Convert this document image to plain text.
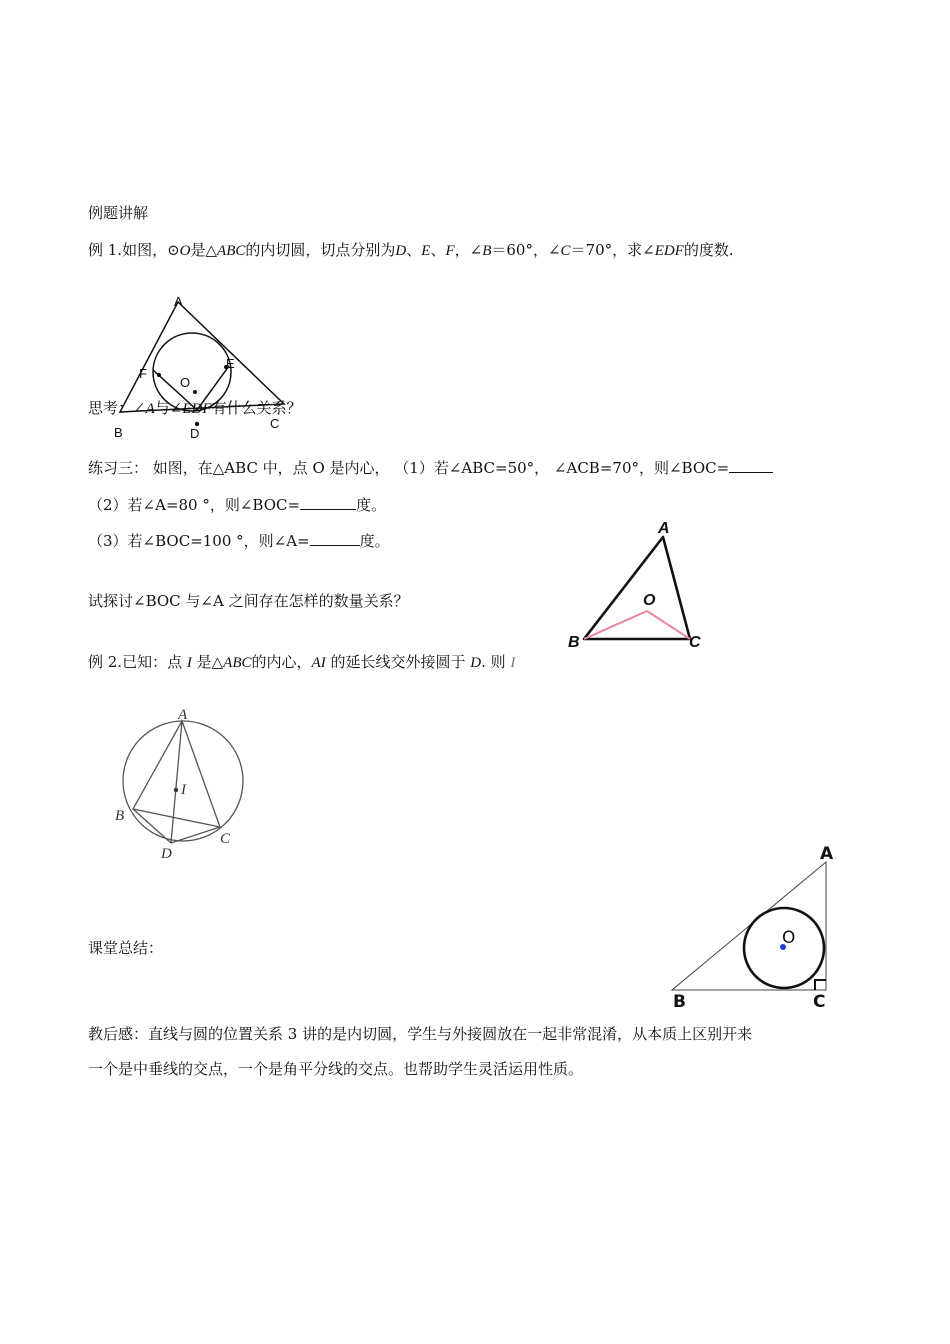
例题讲解
例 1.如图，⊙O是△ABC的内切圆，切点分别为D、E、F，∠B＝60°，∠C＝70°，求∠EDF的度数.
A
B
C
D
E
F
O
思考：∠A与∠EDF有什么关系？
练习三： 如图，在△ABC 中，点 O 是内心， （1）若∠ABC=50°， ∠ACB=70°，则∠BOC=
（2）若∠A=80 °，则∠BOC=	度。
（3）若∠BOC=100 °，则∠A=	度。
A
B	C
O
试探讨∠BOC 与∠A 之间存在怎样的数量关系？
例 2.已知：点 I 是△ABC的内心，AI 的延长线交外接圆于 D. 则 I
A
B
C
D
I
课堂总结：
A
B	C
O
教后感：直线与圆的位置关系 3 讲的是内切圆，学生与外接圆放在一起非常混淆，从本质上区别开来
一个是中垂线的交点，一个是角平分线的交点。也帮助学生灵活运用性质。
